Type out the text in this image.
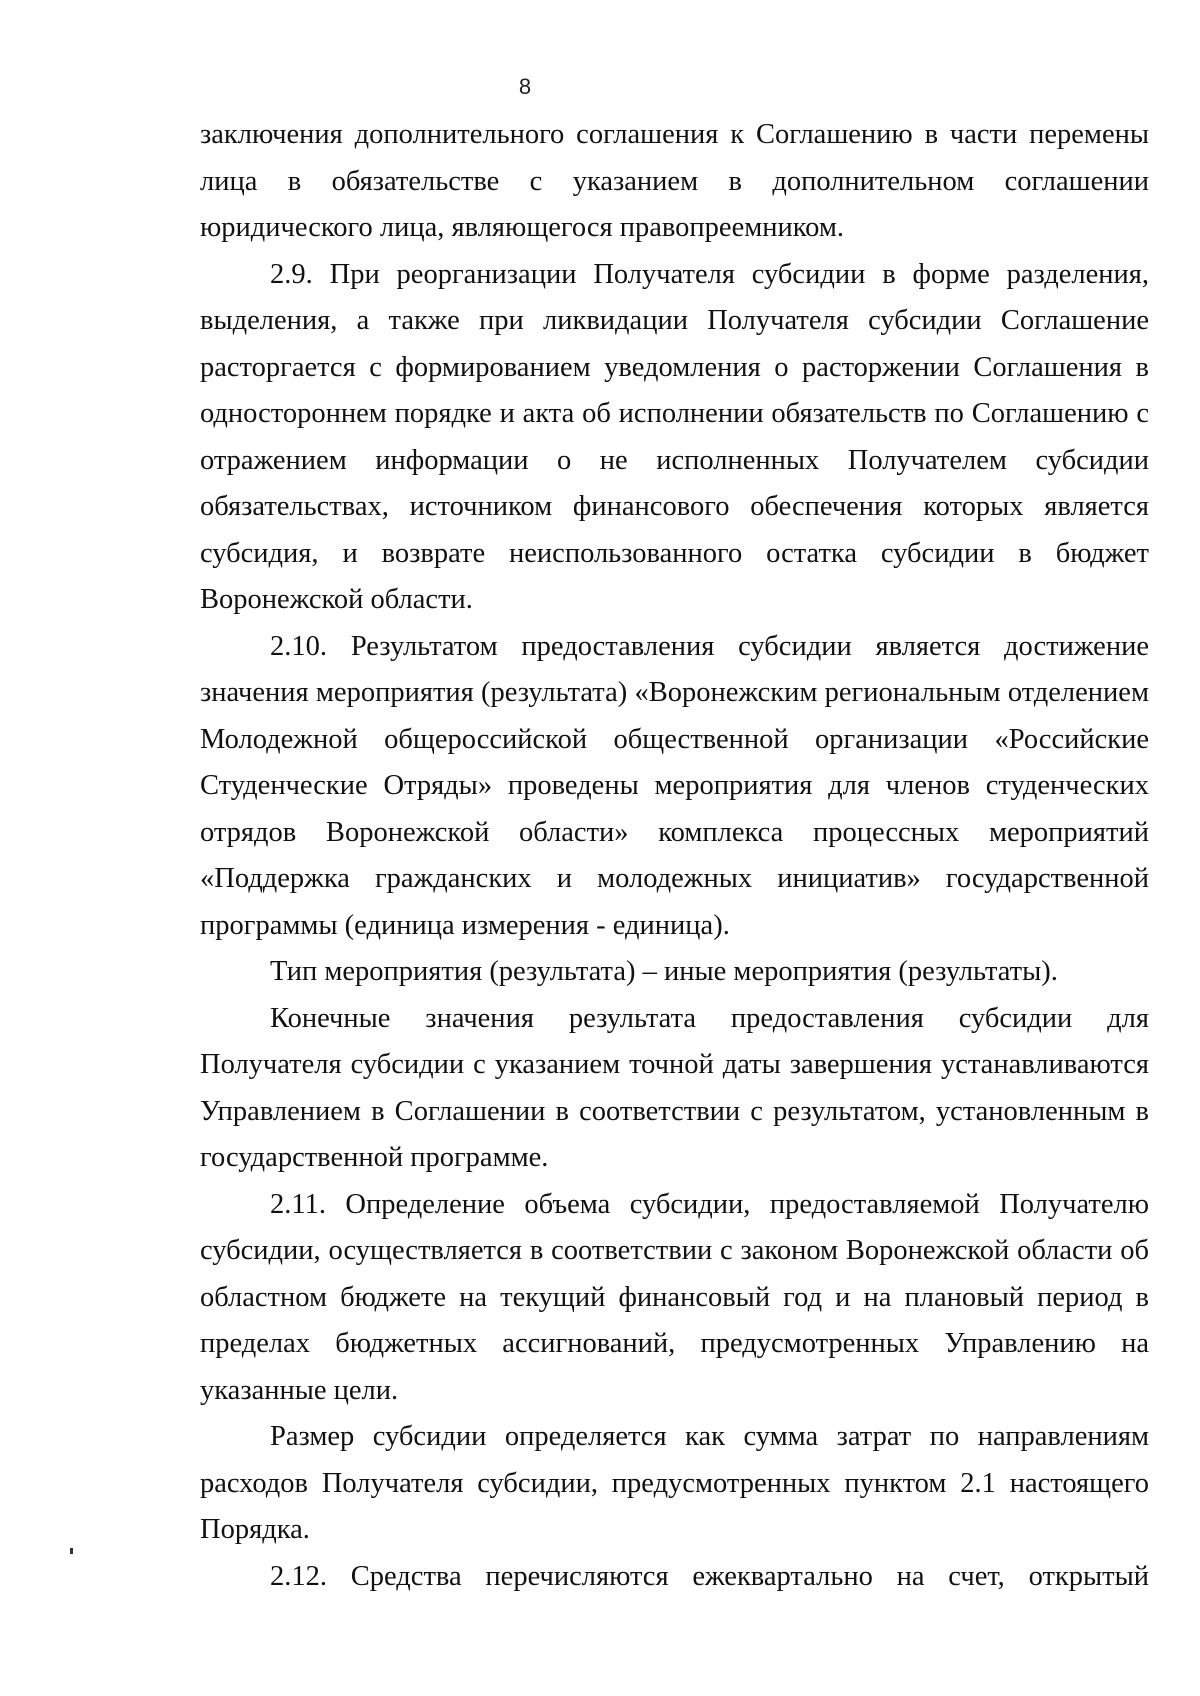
8

заключения дополнительного соглашения к Соглашению в части перемены лица в обязательстве с указанием в дополнительном соглашении юридического лица, являющегося правопреемником.

2.9. При реорганизации Получателя субсидии в форме разделения, выделения, а также при ликвидации Получателя субсидии Соглашение расторгается с формированием уведомления о расторжении Соглашения в одностороннем порядке и акта об исполнении обязательств по Соглашению с отражением информации о не исполненных Получателем субсидии обязательствах, источником финансового обеспечения которых является субсидия, и возврате неиспользованного остатка субсидии в бюджет Воронежской области.

2.10. Результатом предоставления субсидии является достижение значения мероприятия (результата) «Воронежским региональным отделением Молодежной общероссийской общественной организации «Российские Студенческие Отряды» проведены мероприятия для членов студенческих отрядов Воронежской области» комплекса процессных мероприятий «Поддержка гражданских и молодежных инициатив» государственной программы (единица измерения - единица).

Тип мероприятия (результата) – иные мероприятия (результаты).

Конечные значения результата предоставления субсидии для Получателя субсидии с указанием точной даты завершения устанавливаются Управлением в Соглашении в соответствии с результатом, установленным в государственной программе.

2.11. Определение объема субсидии, предоставляемой Получателю субсидии, осуществляется в соответствии с законом Воронежской области об областном бюджете на текущий финансовый год и на плановый период в пределах бюджетных ассигнований, предусмотренных Управлению на указанные цели.

Размер субсидии определяется как сумма затрат по направлениям расходов Получателя субсидии, предусмотренных пунктом 2.1 настоящего Порядка.

2.12. Средства перечисляются ежеквартально на счет, открытый
